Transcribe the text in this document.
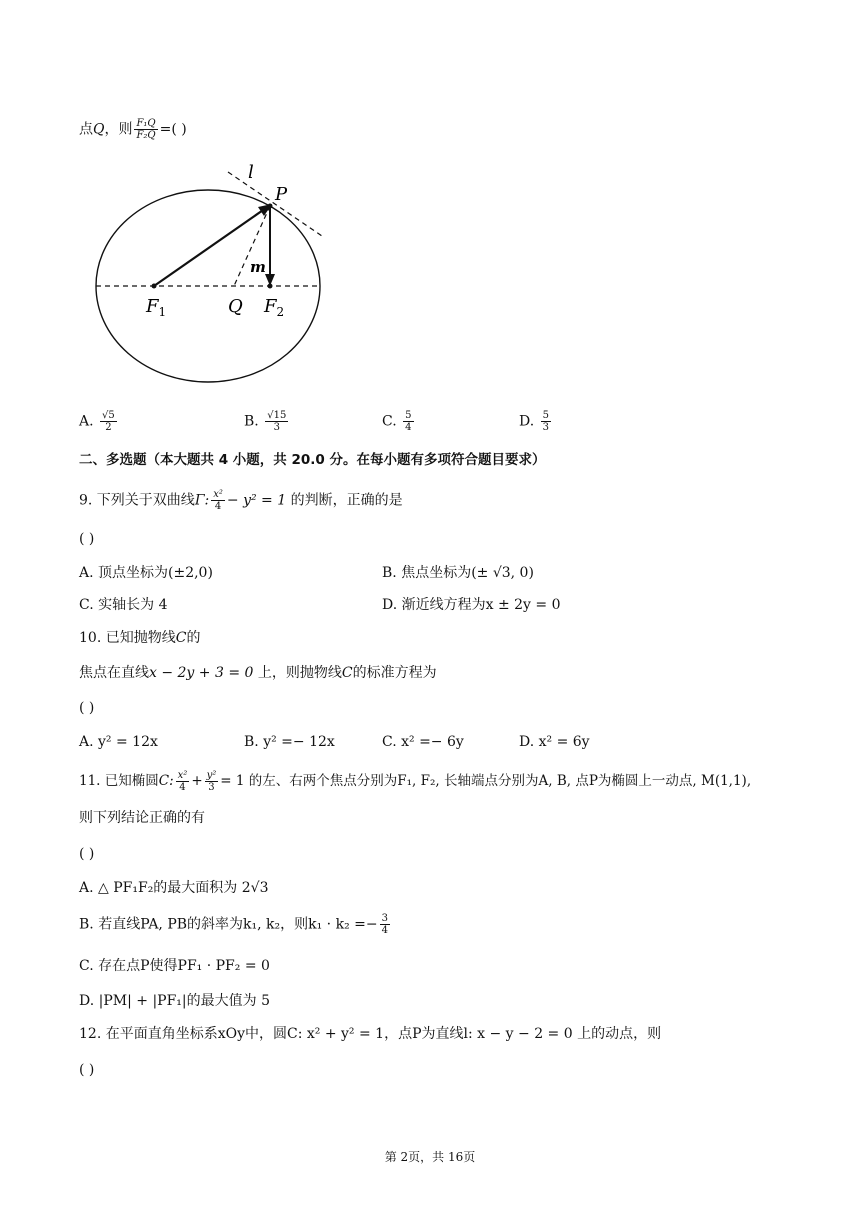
点Q，则 $\frac{\text{F₁Q}}{\text{F₂Q}}$ =( )
l
P
m
$F_1$	Q $F_2$
A. $\frac{√5}{2}$	B. $\frac{√15}{3}$	C. $\frac{5}{4}$	D. $\frac{5}{3}$
二、多选题（本大题共 4 小题，共 20.0 分。在每小题有多项符合题目要求）
9. 下列关于双曲线Γ: $\frac{\text{x²}}{4} - y^2 = 1$ 的判断，正确的是
( )
A. 顶点坐标为(±2,0)	B. 焦点坐标为(± √3, 0)
C. 实轴长为 4	D. 渐近线方程为x ± 2y = 0
10. 已知抛物线C的
焦点在直线x − 2y + 3 = 0 上，则抛物线C的标准方程为
( )
A. y² = 12x	B. y² =− 12x	C. x² =− 6y	D. x² = 6y
11. 已知椭圆C: $\frac{\text{x²}}{4} + \frac{\text{y²}}{3} = 1$ 的左、右两个焦点分别为F₁, F₂, 长轴端点分别为A, B, 点P为椭圆上一动点, M(1,1),
则下列结论正确的有
( )
A. △ PF₁F₂的最大面积为 2√3
B. 若直线PA, PB的斜率为k₁, k₂，则$k_1 \cdot k_2 =- \frac{3}{4}$
C. 存在点P使得PF₁ · PF₂ = 0
D. |PM| + |PF₁|的最大值为 5
12. 在平面直角坐标系xOy中，圆C: x² + y² = 1，点P为直线l: x − y − 2 = 0 上的动点，则
( )
第 2页，共 16页
